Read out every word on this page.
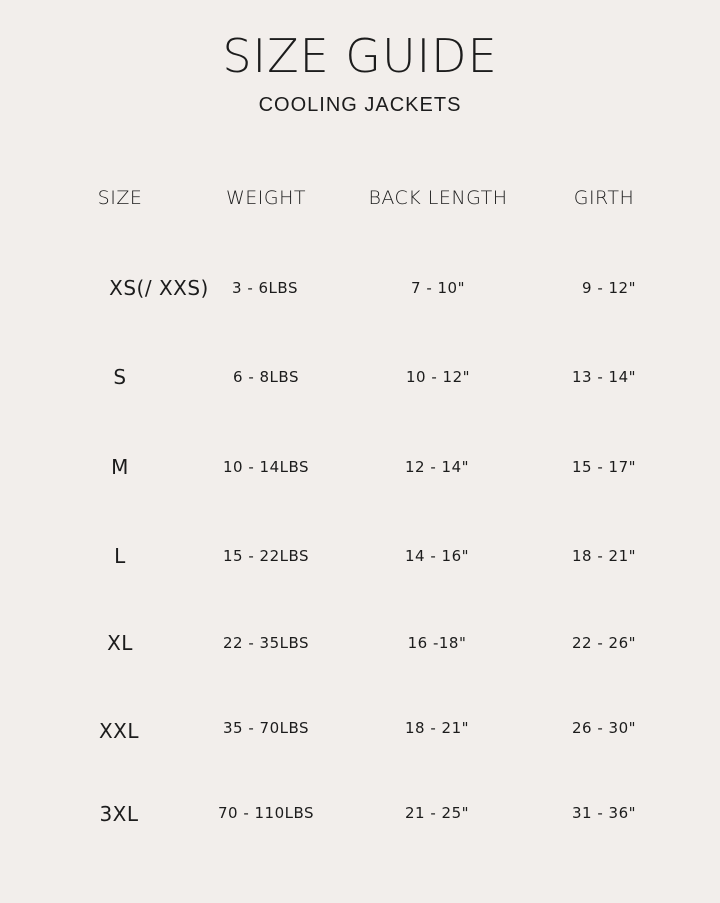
SIZE GUIDE
COOLING JACKETS
SIZE	WEIGHT	BACK LENGTH	GIRTH
XS(/ XXS) 3 - 6LBS	7 - 10"	9 - 12"
S	6 - 8LBS	10 - 12"	13 - 14"
M	10 - 14LBS	12 - 14"	15 - 17"
L	15 - 22LBS	14 - 16"	18 - 21"
XL	22 - 35LBS	16 -18"	22 - 26"
XXL	35 - 70LBS	18 - 21"	26 - 30"
3XL	70 - 110LBS	21 - 25"	31 - 36"
